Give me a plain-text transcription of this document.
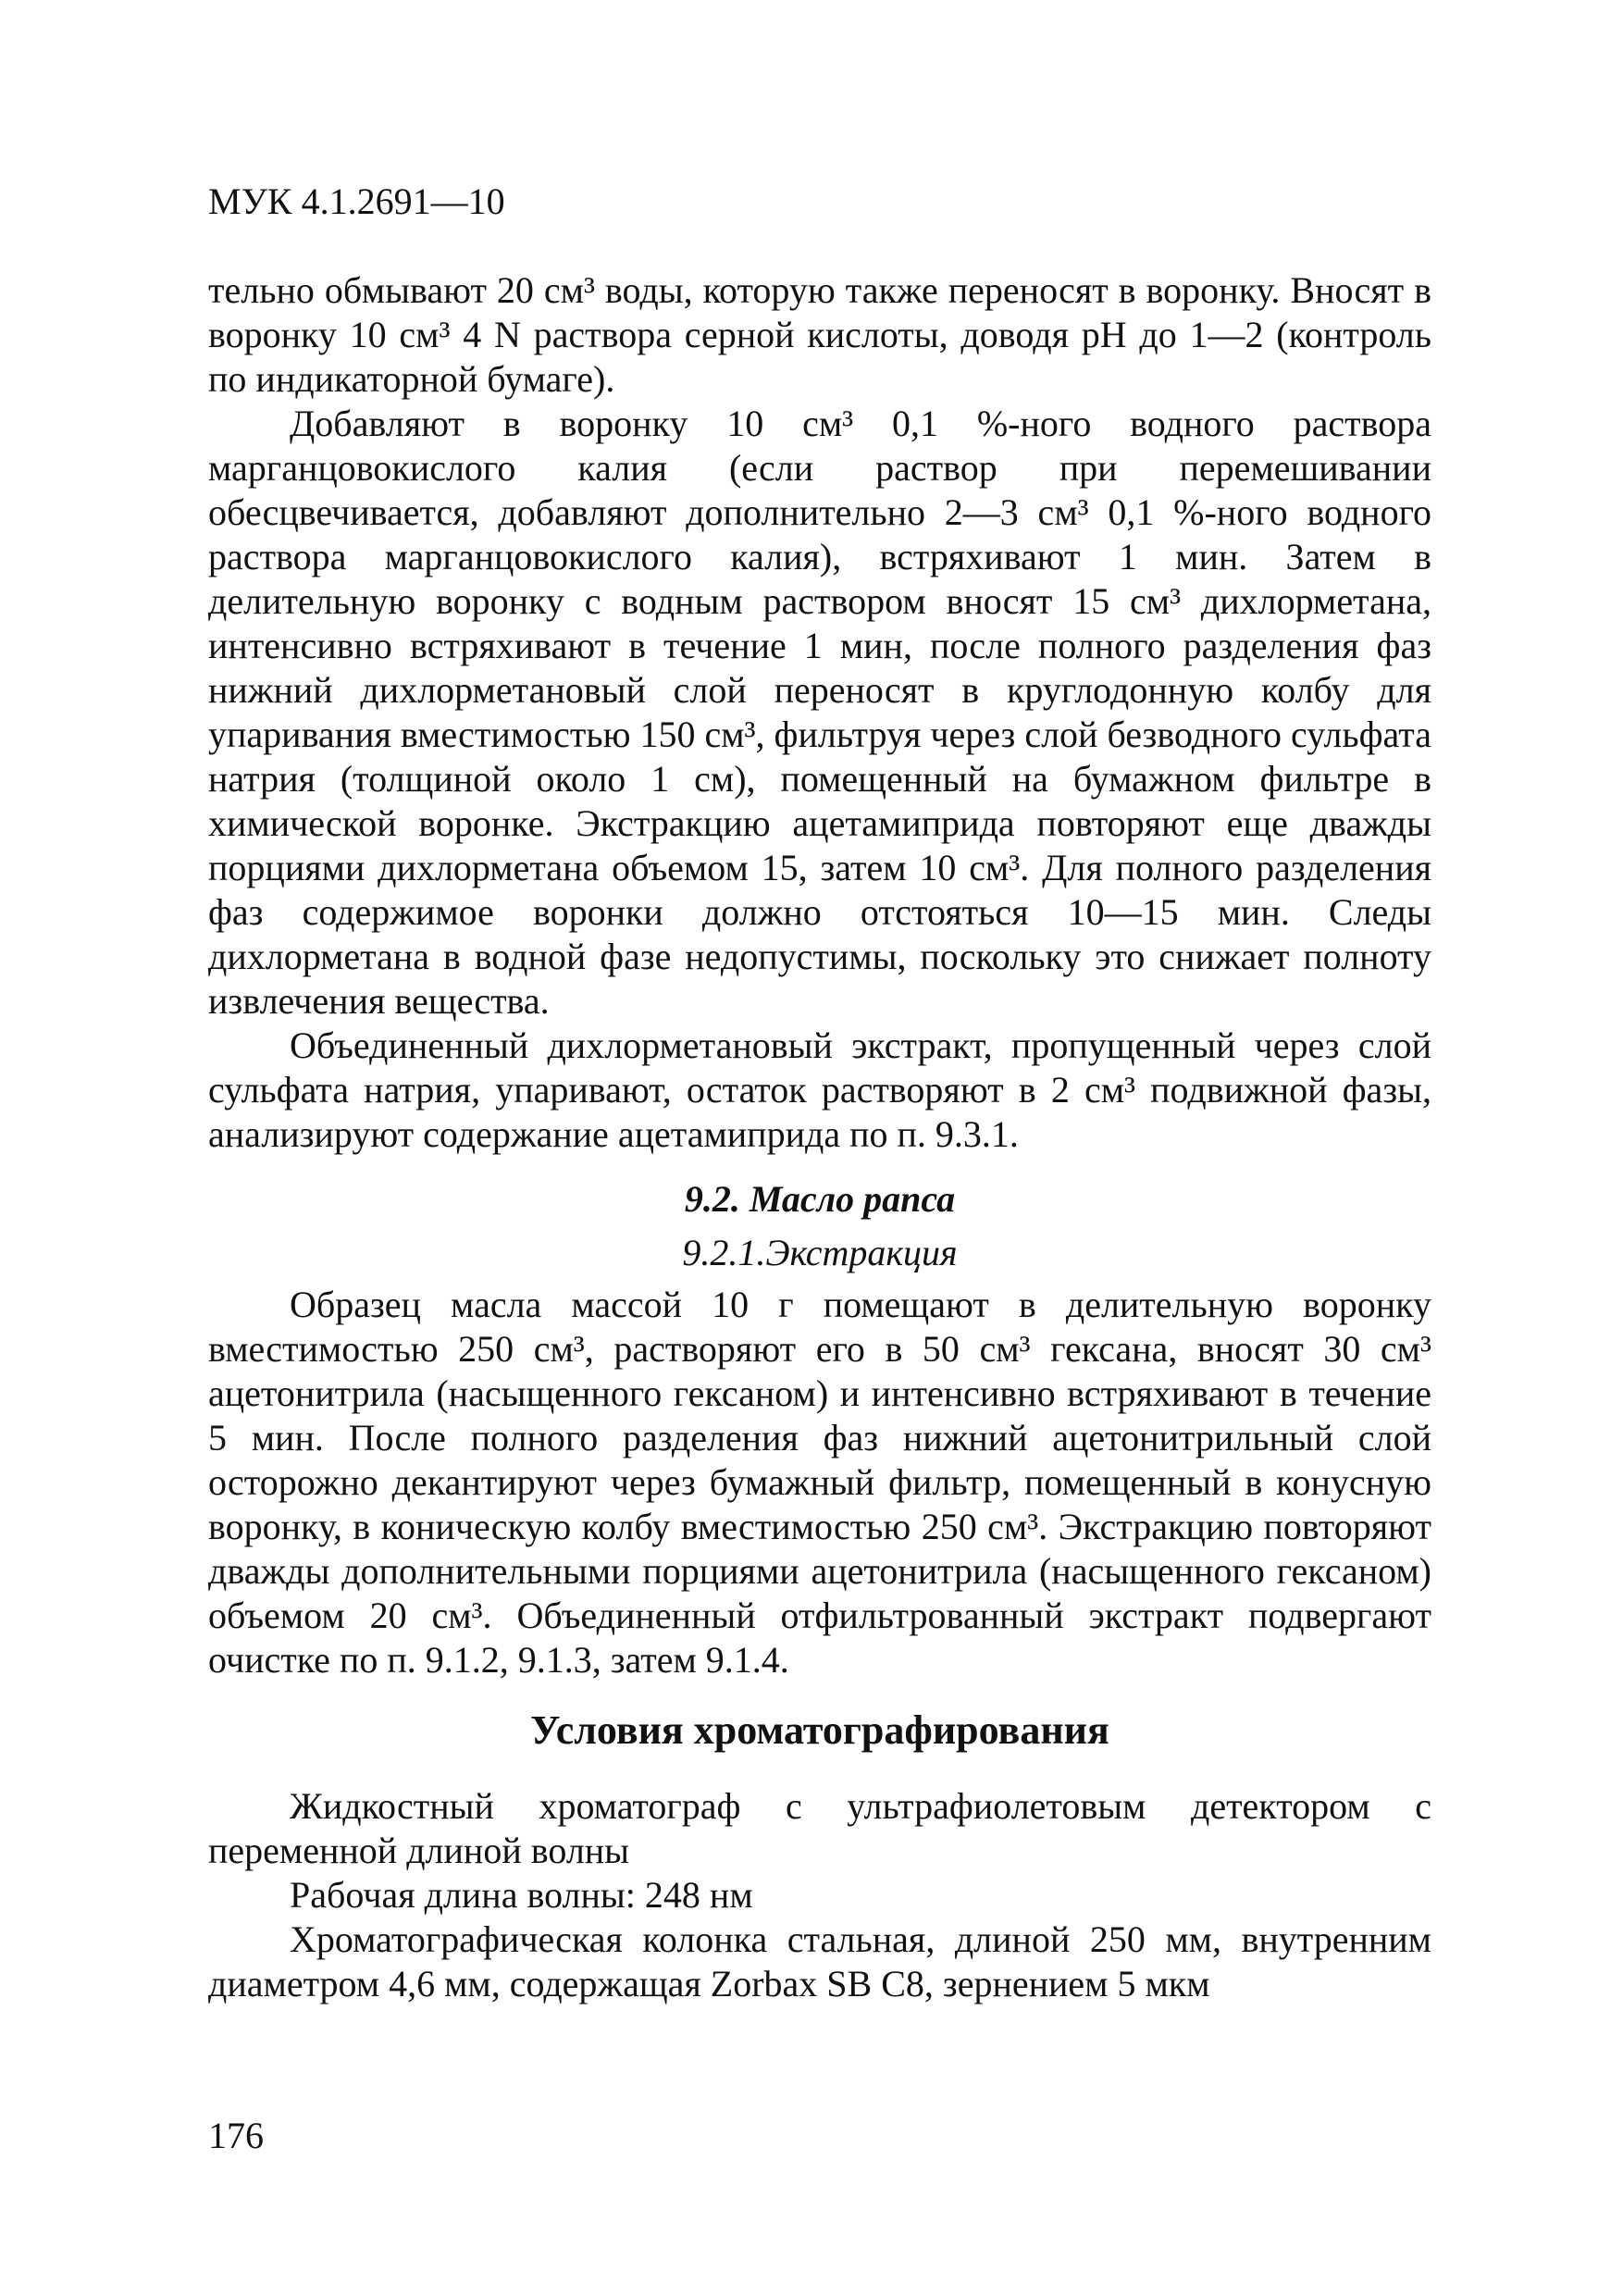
МУК 4.1.2691—10

тельно обмывают 20 см³ воды, которую также переносят в воронку. Вносят в воронку 10 см³ 4 N раствора серной кислоты, доводя рН до 1—2 (контроль по индикаторной бумаге).

Добавляют в воронку 10 см³ 0,1 %-ного водного раствора марганцовокислого калия (если раствор при перемешивании обесцвечивается, добавляют дополнительно 2—3 см³ 0,1 %-ного водного раствора марганцовокислого калия), встряхивают 1 мин. Затем в делительную воронку с водным раствором вносят 15 см³ дихлорметана, интенсивно встряхивают в течение 1 мин, после полного разделения фаз нижний дихлорметановый слой переносят в круглодонную колбу для упаривания вместимостью 150 см³, фильтруя через слой безводного сульфата натрия (толщиной около 1 см), помещенный на бумажном фильтре в химической воронке. Экстракцию ацетамиприда повторяют еще дважды порциями дихлорметана объемом 15, затем 10 см³. Для полного разделения фаз содержимое воронки должно отстояться 10—15 мин. Следы дихлорметана в водной фазе недопустимы, поскольку это снижает полноту извлечения вещества.

Объединенный дихлорметановый экстракт, пропущенный через слой сульфата натрия, упаривают, остаток растворяют в 2 см³ подвижной фазы, анализируют содержание ацетамиприда по п. 9.3.1.

9.2. Масло рапса
9.2.1.Экстракция

Образец масла массой 10 г помещают в делительную воронку вместимостью 250 см³, растворяют его в 50 см³ гексана, вносят 30 см³ ацетонитрила (насыщенного гексаном) и интенсивно встряхивают в течение 5 мин. После полного разделения фаз нижний ацетонитрильный слой осторожно декантируют через бумажный фильтр, помещенный в конусную воронку, в коническую колбу вместимостью 250 см³. Экстракцию повторяют дважды дополнительными порциями ацетонитрила (насыщенного гексаном) объемом 20 см³. Объединенный отфильтрованный экстракт подвергают очистке по п. 9.1.2, 9.1.3, затем 9.1.4.

Условия хроматографирования

Жидкостный хроматограф с ультрафиолетовым детектором с переменной длиной волны

Рабочая длина волны: 248 нм

Хроматографическая колонка стальная, длиной 250 мм, внутренним диаметром 4,6 мм, содержащая Zorbax SB C8, зернением 5 мкм

176
